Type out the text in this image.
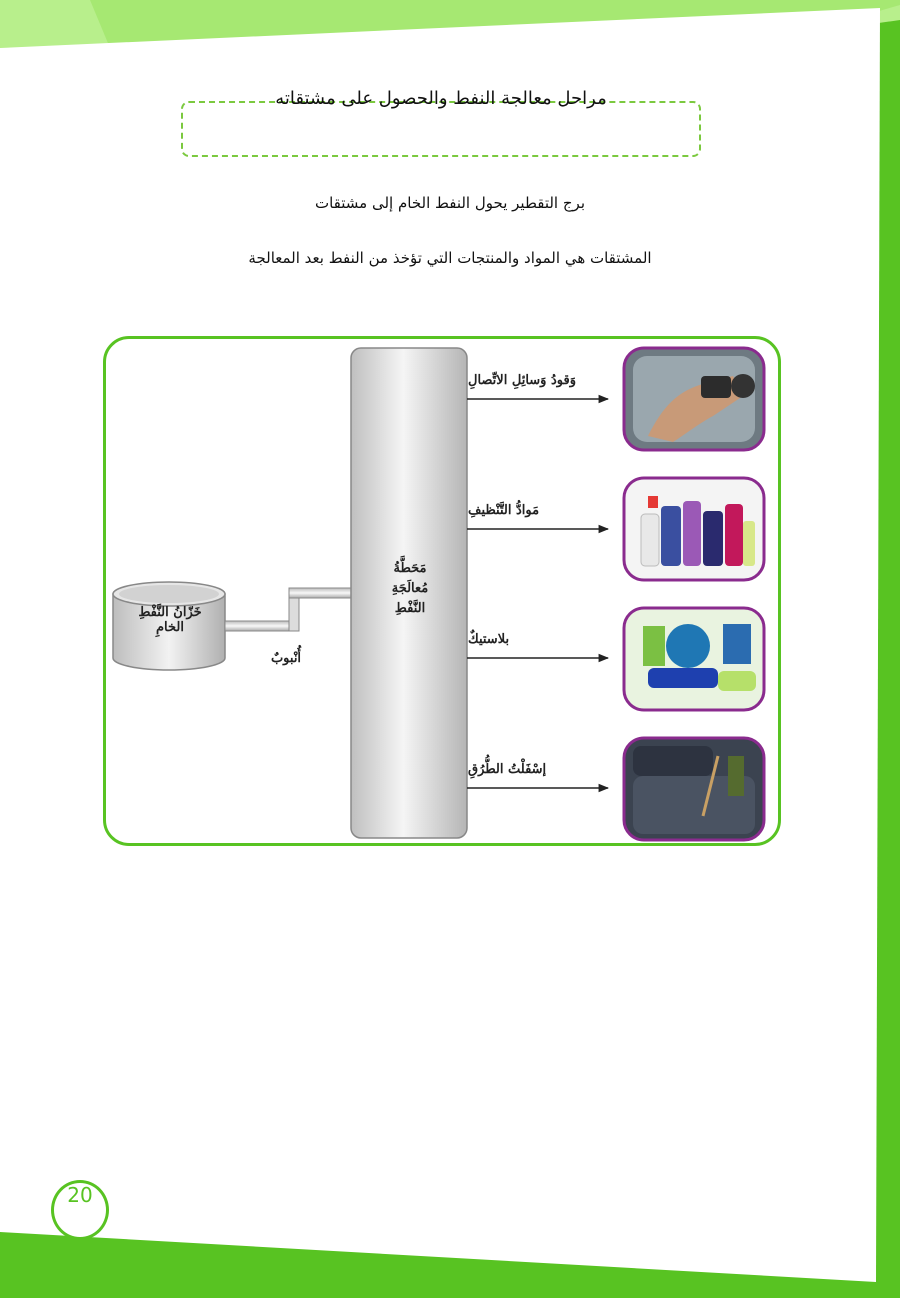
مراحل معالجة النفط والحصول على مشتقاته
برج التقطير يحول النفط الخام إلى مشتقات
المشتقات هي المواد والمنتجات التي تؤخذ من النفط بعد المعالجة
خَزّانُ النَّفْطِ
الخامِ
أُنْبوبٌ
مَحَطَّةُ
مُعالَجَةِ
النَّفْطِ
وَقودُ وَسائِلِ الاتِّصالِ
مَوادُّ التَّنْظيفِ
بلاستيكٌ
إسْفَلْتُ الطُّرُقِ
20
